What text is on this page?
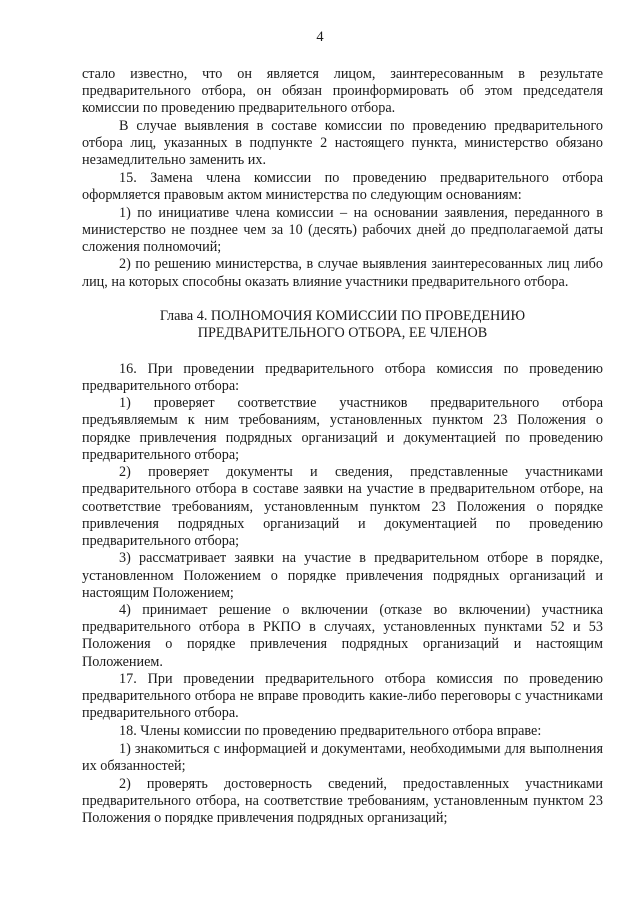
4

стало известно, что он является лицом, заинтересованным в результате предварительного отбора, он обязан проинформировать об этом председателя комиссии по проведению предварительного отбора.

В случае выявления в составе комиссии по проведению предварительного отбора лиц, указанных в подпункте 2 настоящего пункта, министерство обязано незамедлительно заменить их.

15. Замена члена комиссии по проведению предварительного отбора оформляется правовым актом министерства по следующим основаниям:

1) по инициативе члена комиссии – на основании заявления, переданного в министерство не позднее чем за 10 (десять) рабочих дней до предполагаемой даты сложения полномочий;

2) по решению министерства, в случае выявления заинтересованных лиц либо лиц, на которых способны оказать влияние участники предварительного отбора.

Глава 4. ПОЛНОМОЧИЯ КОМИССИИ ПО ПРОВЕДЕНИЮ
ПРЕДВАРИТЕЛЬНОГО ОТБОРА, ЕЕ ЧЛЕНОВ

16. При проведении предварительного отбора комиссия по проведению предварительного отбора:

1) проверяет соответствие участников предварительного отбора предъявляемым к ним требованиям, установленных пунктом 23 Положения о порядке привлечения подрядных организаций и документацией по проведению предварительного отбора;

2) проверяет документы и сведения, представленные участниками предварительного отбора в составе заявки на участие в предварительном отборе, на соответствие требованиям, установленным пунктом 23 Положения о порядке привлечения подрядных организаций и документацией по проведению предварительного отбора;

3) рассматривает заявки на участие в предварительном отборе в порядке, установленном Положением о порядке привлечения подрядных организаций и настоящим Положением;

4) принимает решение о включении (отказе во включении) участника предварительного отбора в РКПО в случаях, установленных пунктами 52 и 53 Положения о порядке привлечения подрядных организаций и настоящим Положением.

17. При проведении предварительного отбора комиссия по проведению предварительного отбора не вправе проводить какие-либо переговоры с участниками предварительного отбора.

18. Члены комиссии по проведению предварительного отбора вправе:

1) знакомиться с информацией и документами, необходимыми для выполнения их обязанностей;

2) проверять достоверность сведений, предоставленных участниками предварительного отбора, на соответствие требованиям, установленным пунктом 23 Положения о порядке привлечения подрядных организаций;
